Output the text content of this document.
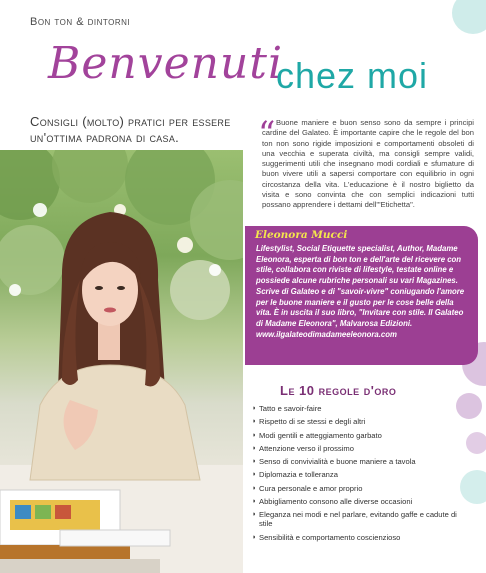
Bon ton & dintorni
Benvenuti
chez moi
Consigli (molto) pratici per essere un'ottima padrona di casa.	“ Buone maniere e buon senso sono da sempre i principi cardine del Galateo. È importante capire che le regole del bon ton non sono rigide imposizioni e comportamenti obsoleti di una vecchia e superata civiltà, ma consigli sempre validi, suggerimenti utili che insegnano modi cordiali e sfumature di buon vivere utili a sapersi comportare con equilibrio in ogni circostanza della vita. L'educazione è il nostro biglietto da visita e sono convinta che con semplici indicazioni tutti possano apprendere i dettami dell'"Etichetta".
Eleonora Mucci
Lifestylist, Social Etiquette specialist, Author, Madame Eleonora, esperta di bon ton e dell'arte del ricevere con stile, collabora con riviste di lifestyle, testate online e possiede alcune rubriche personali su vari Magazines. Scrive di Galateo e di "savoir-vivre" coniugando l'amore per le buone maniere e il gusto per le cose belle della vita. È in uscita il suo libro, "Invitare con stile. Il Galateo di Madame Eleonora", Malvarosa Edizioni. www.ilgalateodimadameeleonora.com
Le 10 regole d'oro
◗ Tatto e savoir-faire
◗ Rispetto di se stessi e degli altri
◗ Modi gentili e atteggiamento garbato
◗ Attenzione verso il prossimo
◗ Senso di convivialità e buone maniere a tavola
◗ Diplomazia e tolleranza
◗ Cura personale e amor proprio
◗ Abbigliamento consono alle diverse occasioni
◗ Eleganza nei modi e nel parlare, evitando gaffe e cadute di stile
◗ Sensibilità e comportamento coscienzioso
